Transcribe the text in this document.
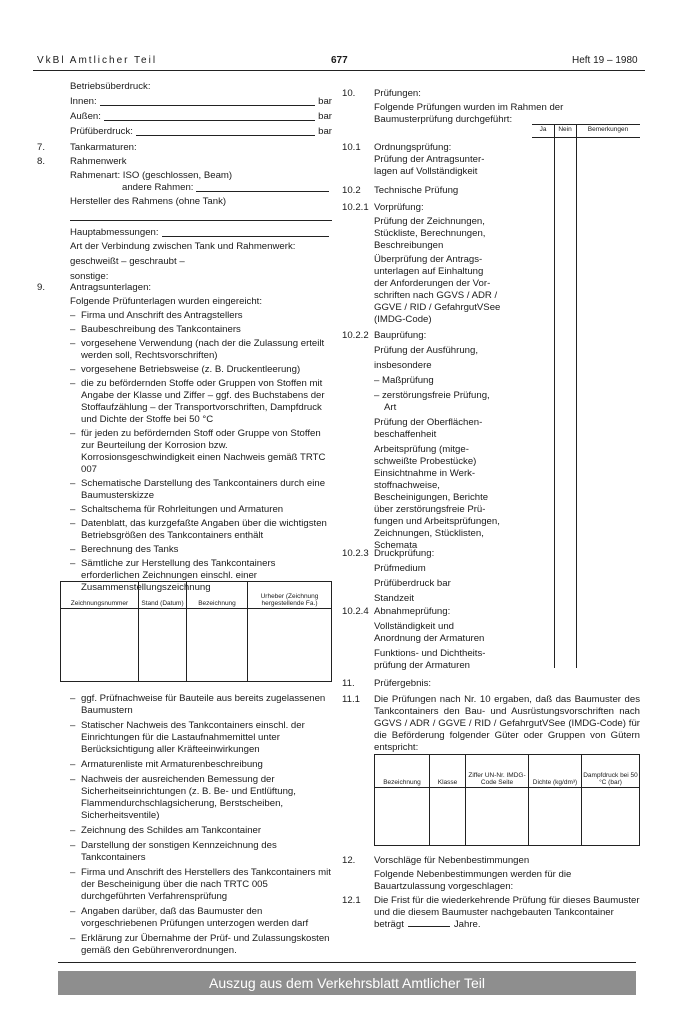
VkBl Amtlicher Teil	677	Heft 19 – 1980
Betriebsüberdruck:
Innen:	bar
Außen:	bar
Prüfüberdruck:	bar
7.	Tankarmaturen:
8.	Rahmenwerk
Rahmenart: ISO (geschlossen, Beam)
andere Rahmen:
Hersteller des Rahmens (ohne Tank)
Hauptabmessungen:
Art der Verbindung zwischen Tank und Rahmenwerk:
geschweißt – geschraubt –
sonstige:
9.	Antragsunterlagen:
Folgende Prüfunterlagen wurden eingereicht:
– Firma und Anschrift des Antragstellers
– Baubeschreibung des Tankcontainers
– vorgesehene Verwendung (nach der die Zulassung erteilt werden soll, Rechtsvorschriften)
– vorgesehene Betriebsweise (z. B. Druckentleerung)
– die zu befördernden Stoffe oder Gruppen von Stoffen mit Angabe der Klasse und Ziffer – ggf. des Buchstabens der Stoffaufzählung – der Transportvorschriften, Dampfdruck und Dichte der Stoffe bei 50 °C
– für jeden zu befördernden Stoff oder Gruppe von Stoffen zur Beurteilung der Korrosion bzw. Korrosionsgeschwindigkeit einen Nachweis gemäß TRTC 007
– Schematische Darstellung des Tankcontainers durch eine Baumusterskizze
– Schaltschema für Rohrleitungen und Armaturen
– Datenblatt, das kurzgefaßte Angaben über die wichtigsten Betriebsgrößen des Tankcontainers enthält
– Berechnung des Tanks
– Sämtliche zur Herstellung des Tankcontainers erforderlichen Zeichnungen einschl. einer Zusammenstellungszeichnung
Zeichnungsnummer	Stand (Datum)	Bezeichnung	Urheber (Zeichnung hergestellende Fa.)

– ggf. Prüfnachweise für Bauteile aus bereits zugelassenen Baumustern
– Statischer Nachweis des Tankcontainers einschl. der Einrichtungen für die Lastaufnahmemittel unter Berücksichtigung aller Kräfteeinwirkungen
– Armaturenliste mit Armaturenbeschreibung
– Nachweis der ausreichenden Bemessung der Sicherheitseinrichtungen (z. B. Be- und Entlüftung, Flammendurchschlagsicherung, Berstscheiben, Sicherheitsventile)
– Zeichnung des Schildes am Tankcontainer
– Darstellung der sonstigen Kennzeichnung des Tankcontainers
– Firma und Anschrift des Herstellers des Tankcontainers mit der Bescheinigung über die nach TRTC 005 durchgeführten Verfahrensprüfung
– Angaben darüber, daß das Baumuster den vorgeschriebenen Prüfungen unterzogen werden darf
– Erklärung zur Übernahme der Prüf- und Zulassungskosten gemäß den Gebührenverordnungen.
10. Prüfungen:
Folgende Prüfungen wurden im Rahmen der Baumusterprüfung durchgeführt:
Ja	Nein	Bemerkungen
10.1 Ordnungsprüfung:
Prüfung der Antragsunter-
lagen auf Vollständigkeit
10.2 Technische Prüfung
10.2.1 Vorprüfung:
Prüfung der Zeichnungen,
Stückliste, Berechnungen,
Beschreibungen
Überprüfung der Antrags-
unterlagen auf Einhaltung
der Anforderungen der Vor-
schriften nach GGVS / ADR /
GGVE / RID / GefahrgutVSee
(IMDG-Code)
10.2.2 Bauprüfung:
Prüfung der Ausführung,
insbesondere
– Maßprüfung
– zerstörungsfreie Prüfung,
Art
Prüfung der Oberflächen-
beschaffenheit
Arbeitsprüfung (mitge-
schweißte Probestücke)
Einsichtnahme in Werk-
stoffnachweise,
Bescheinigungen, Berichte
über zerstörungsfreie Prü-
fungen und Arbeitsprüfungen,
Zeichnungen, Stücklisten,
Schemata
10.2.3 Druckprüfung:
Prüfmedium
Prüfüberdruck bar
Standzeit
10.2.4 Abnahmeprüfung:
Vollständigkeit und
Anordnung der Armaturen
Funktions- und Dichtheits-
prüfung der Armaturen
11. Prüfergebnis:
11.1 Die Prüfungen nach Nr. 10 ergaben, daß das Baumuster des Tankcontainers den Bau- und Ausrüstungsvorschriften nach GGVS / ADR / GGVE / RID / GefahrgutVSee (IMDG-Code) für die Beförderung folgender Güter oder Gruppen von Gütern entspricht:
Bezeichnung	Klasse	Ziffer UN-Nr. IMDG-Code Seite	Dichte (kg/dm³)	Dampfdruck bei 50 °C (bar)

12. Vorschläge für Nebenbestimmungen
Folgende Nebenbestimmungen werden für die Bauartzulassung vorgeschlagen:
12.1 Die Frist für die wiederkehrende Prüfung für dieses Baumuster und die diesem Baumuster nachgebauten Tankcontainer beträgt	Jahre.
Auszug aus dem Verkehrsblatt Amtlicher Teil
